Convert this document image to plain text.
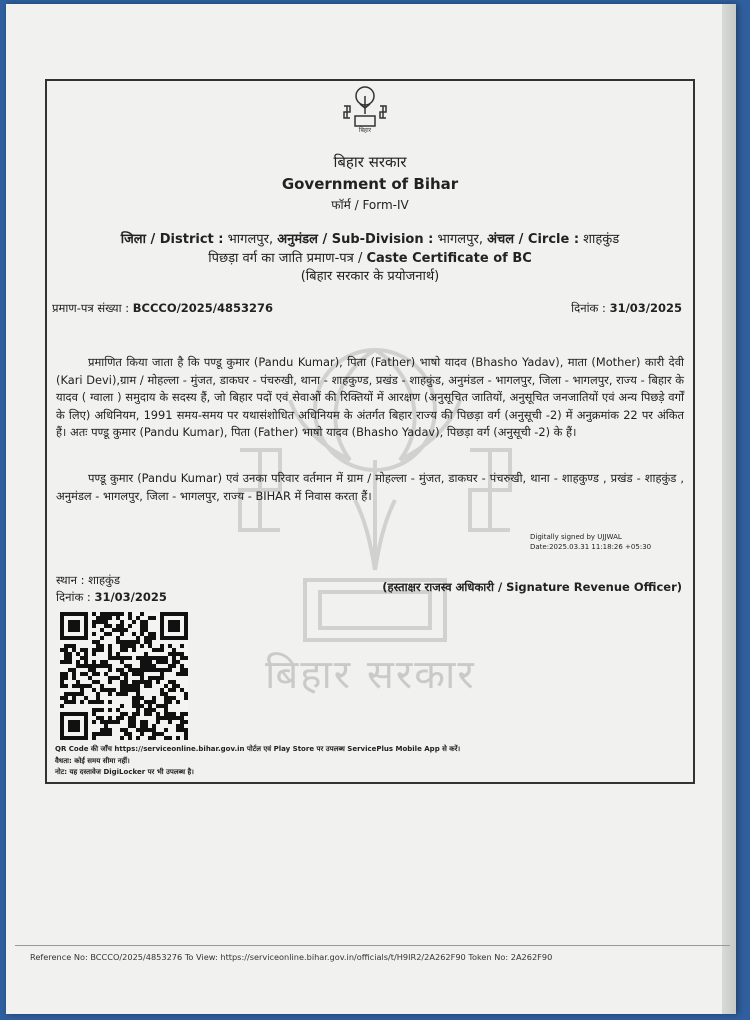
बिहार सरकार
बिहार
बिहार सरकार
Government of Bihar
फॉर्म / Form-IV
जिला / District : भागलपुर, अनुमंडल / Sub-Division : भागलपुर, अंचल / Circle : शाहकुंड
पिछड़ा वर्ग का जाति प्रमाण-पत्र / Caste Certificate of BC
(बिहार सरकार के प्रयोजनार्थ)
प्रमाण-पत्र संख्या : BCCCO/2025/4853276	दिनांक : 31/03/2025
प्रमाणित किया जाता है कि पण्डू कुमार (Pandu Kumar), पिता (Father) भाषो यादव (Bhasho Yadav), माता (Mother) कारी देवी (Kari Devi),ग्राम / मोहल्ला - मुंजत, डाकघर - पंचरुखी, थाना - शाहकुण्ड, प्रखंड - शाहकुंड, अनुमंडल - भागलपुर, जिला - भागलपुर, राज्य - बिहार के यादव ( ग्वाला ) समुदाय के सदस्य हैं, जो बिहार पदों एवं सेवाओं की रिक्तियों में आरक्षण (अनुसूचित जातियों, अनुसूचित जनजातियों एवं अन्य पिछड़े वर्गों के लिए) अधिनियम, 1991 समय-समय पर यथासंशोधित अधिनियम के अंतर्गत बिहार राज्य की पिछड़ा वर्ग (अनुसूची -2) में अनुक्रमांक 22 पर अंकित हैं। अतः पण्डू कुमार (Pandu Kumar), पिता (Father) भाषो यादव (Bhasho Yadav), पिछड़ा वर्ग (अनुसूची -2) के हैं।
पण्डू कुमार (Pandu Kumar) एवं उनका परिवार वर्तमान में ग्राम / मोहल्ला - मुंजत, डाकघर - पंचरुखी, थाना - शाहकुण्ड , प्रखंड - शाहकुंड , अनुमंडल - भागलपुर, जिला - भागलपुर, राज्य - BIHAR में निवास करता हैं।
Digitally signed by UJJWAL
Date:2025.03.31 11:18:26 +05:30
स्थान : शाहकुंड
दिनांक : 31/03/2025
(हस्ताक्षर राजस्व अधिकारी / Signature Revenue Officer)
QR Code की जाँच https://serviceonline.bihar.gov.in पोर्टल एवं Play Store पर उपलब्ध ServicePlus Mobile App से करें।
वैधता: कोई समय सीमा नहीं।
नोट: यह दस्तावेज DigiLocker पर भी उपलब्ध है।
Reference No: BCCCO/2025/4853276 To View: https://serviceonline.bihar.gov.in/officials/t/H9IR2/2A262F90 Token No: 2A262F90
